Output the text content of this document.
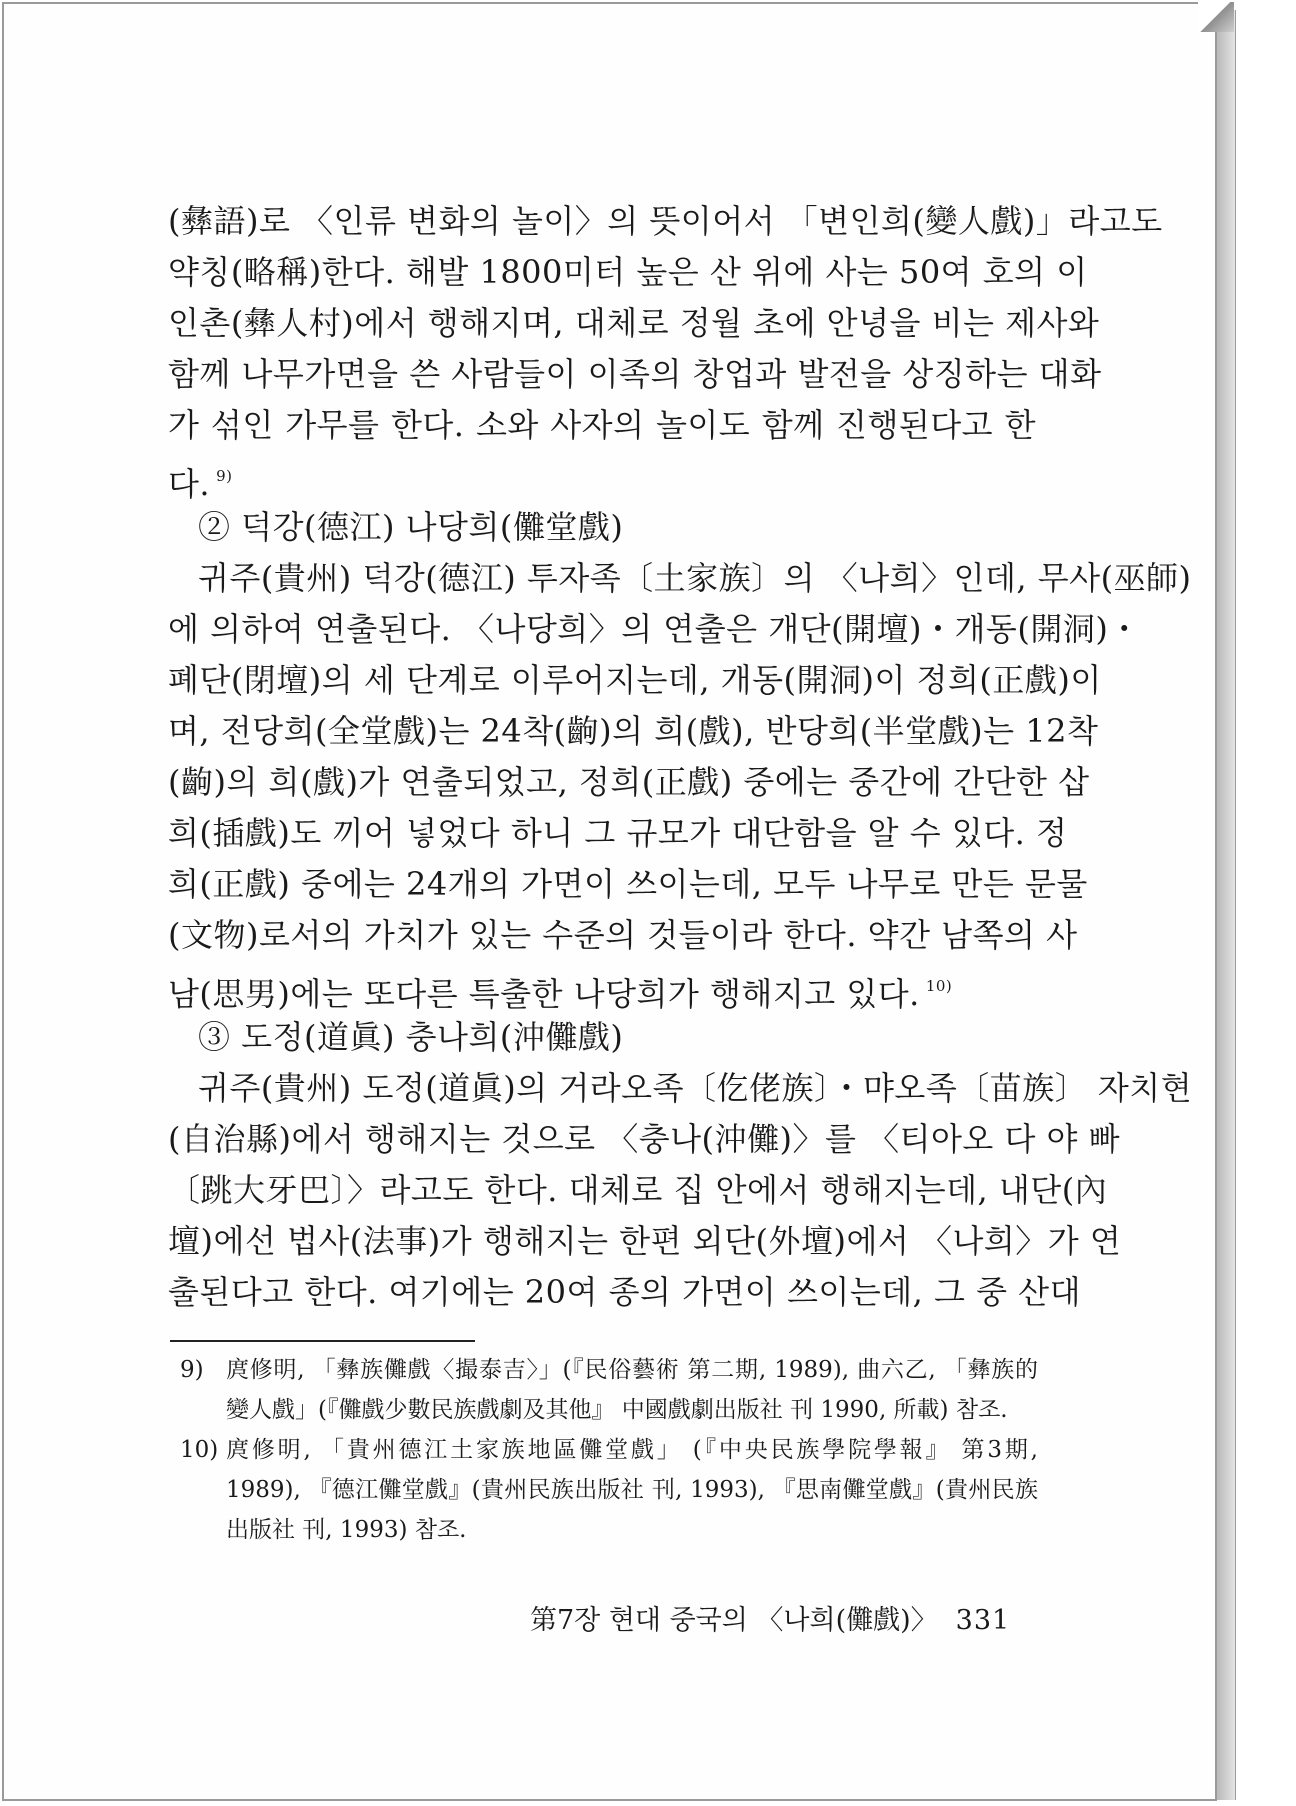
(彝語)로 〈인류 변화의 놀이〉의 뜻이어서 「변인희(變人戲)」라고도
약칭(略稱)한다. 해발 1800미터 높은 산 위에 사는 50여 호의 이
인촌(彝人村)에서 행해지며, 대체로 정월 초에 안녕을 비는 제사와
함께 나무가면을 쓴 사람들이 이족의 창업과 발전을 상징하는 대화
가 섞인 가무를 한다. 소와 사자의 놀이도 함께 진행된다고 한
다. $^{9)}$
② 덕강(德江) 나당희(儺堂戲)
귀주(貴州) 덕강(德江) 투자족〔土家族〕의 〈나희〉인데, 무사(巫師)
에 의하여 연출된다. 〈나당희〉의 연출은 개단(開壇)・개동(開洞)・
폐단(閉壇)의 세 단계로 이루어지는데, 개동(開洞)이 정희(正戲)이
며, 전당희(全堂戲)는 24착(齣)의 희(戲), 반당희(半堂戲)는 12착
(齣)의 희(戲)가 연출되었고, 정희(正戲) 중에는 중간에 간단한 삽
희(插戲)도 끼어 넣었다 하니 그 규모가 대단함을 알 수 있다. 정
희(正戲) 중에는 24개의 가면이 쓰이는데, 모두 나무로 만든 문물
(文物)로서의 가치가 있는 수준의 것들이라 한다. 약간 남쪽의 사
남(思男)에는 또다른 특출한 나당희가 행해지고 있다. $^{10)}$
③ 도정(道眞) 충나희(沖儺戲)
귀주(貴州) 도정(道眞)의 거라오족〔仡佬族〕・먀오족〔苗族〕 자치현
(自治縣)에서 행해지는 것으로 〈충나(沖儺)〉를 〈티아오 다 야 빠
〔跳大牙巴〕〉라고도 한다. 대체로 집 안에서 행해지는데, 내단(內
壇)에선 법사(法事)가 행해지는 한편 외단(外壇)에서 〈나희〉가 연
출된다고 한다. 여기에는 20여 종의 가면이 쓰이는데, 그 중 산대
9) 庹修明, 「彝族儺戲〈撮泰吉〉」(『民俗藝術 第二期, 1989), 曲六乙, 「彝族的
變人戲」(『儺戲少數民族戲劇及其他』 中國戲劇出版社 刊 1990, 所載) 참조.
10) 庹修明, 「貴州德江土家族地區儺堂戲」 (『中央民族學院學報』 第3期,
1989), 『德江儺堂戲』(貴州民族出版社 刊, 1993), 『思南儺堂戲』(貴州民族
出版社 刊, 1993) 참조.
第7장 현대 중국의 〈나희(儺戲)〉 331
